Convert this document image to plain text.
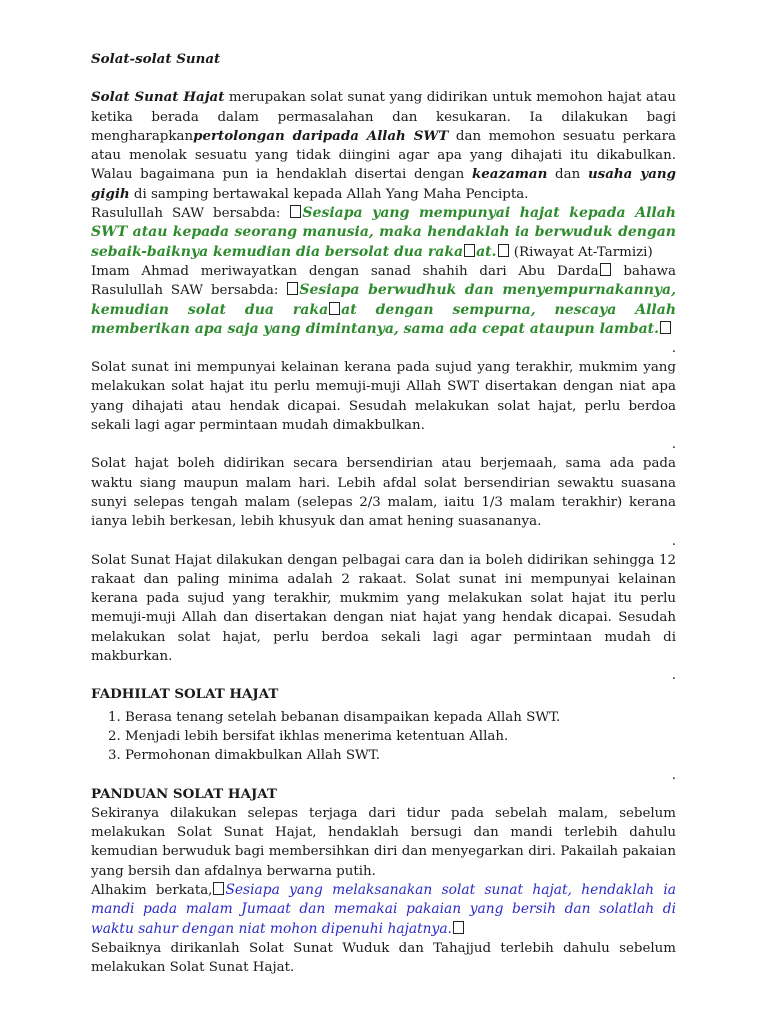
Solat-solat Sunat

Solat Sunat Hajat merupakan solat sunat yang didirikan untuk memohon hajat atau ketika berada dalam permasalahan dan kesukaran. Ia dilakukan bagi mengharapkanpertolongan daripada Allah SWT dan memohon sesuatu perkara atau menolak sesuatu yang tidak diingini agar apa yang dihajati itu dikabulkan. Walau bagaimana pun ia hendaklah disertai dengan keazaman dan usaha yang gigih di samping bertawakal kepada Allah Yang Maha Pencipta.

Rasulullah SAW bersabda: Sesiapa yang mempunyai hajat kepada Allah SWT atau kepada seorang manusia, maka hendaklah ia berwuduk dengan sebaik-baiknya kemudian dia bersolat dua raka at. (Riwayat At-Tarmizi)

Imam Ahmad meriwayatkan dengan sanad shahih dari Abu Darda bahawa Rasulullah SAW bersabda: Sesiapa berwudhuk dan menyempurnakannya, kemudian solat dua raka at dengan sempurna, nescaya Allah memberikan apa saja yang dimintanya, sama ada cepat ataupun lambat.

.

Solat sunat ini mempunyai kelainan kerana pada sujud yang terakhir, mukmim yang melakukan solat hajat itu perlu memuji-muji Allah SWT disertakan dengan niat apa yang dihajati atau hendak dicapai. Sesudah melakukan solat hajat, perlu berdoa sekali lagi agar permintaan mudah dimakbulkan.

.

Solat hajat boleh didirikan secara bersendirian atau berjemaah, sama ada pada waktu siang maupun malam hari. Lebih afdal solat bersendirian sewaktu suasana sunyi selepas tengah malam (selepas 2/3 malam, iaitu 1/3 malam terakhir) kerana ianya lebih berkesan, lebih khusyuk dan amat hening suasananya.

.

Solat Sunat Hajat dilakukan dengan pelbagai cara dan ia boleh didirikan sehingga 12 rakaat dan paling minima adalah 2 rakaat. Solat sunat ini mempunyai kelainan kerana pada sujud yang terakhir, mukmim yang melakukan solat hajat itu perlu memuji-muji Allah dan disertakan dengan niat hajat yang hendak dicapai. Sesudah melakukan solat hajat, perlu berdoa sekali lagi agar permintaan mudah di makburkan.

.
FADHILAT SOLAT HAJAT
1. Berasa tenang setelah bebanan disampaikan kepada Allah SWT.
2. Menjadi lebih bersifat ikhlas menerima ketentuan Allah.
3. Permohonan dimakbulkan Allah SWT.
.
PANDUAN SOLAT HAJAT

Sekiranya dilakukan selepas terjaga dari tidur pada sebelah malam, sebelum melakukan Solat Sunat Hajat, hendaklah bersugi dan mandi terlebih dahulu kemudian berwuduk bagi membersihkan diri dan menyegarkan diri. Pakailah pakaian yang bersih dan afdalnya berwarna putih.

Alhakim berkata, Sesiapa yang melaksanakan solat sunat hajat, hendaklah ia mandi pada malam Jumaat dan memakai pakaian yang bersih dan solatlah di waktu sahur dengan niat mohon dipenuhi hajatnya.

Sebaiknya dirikanlah Solat Sunat Wuduk dan Tahajjud terlebih dahulu sebelum melakukan Solat Sunat Hajat.
